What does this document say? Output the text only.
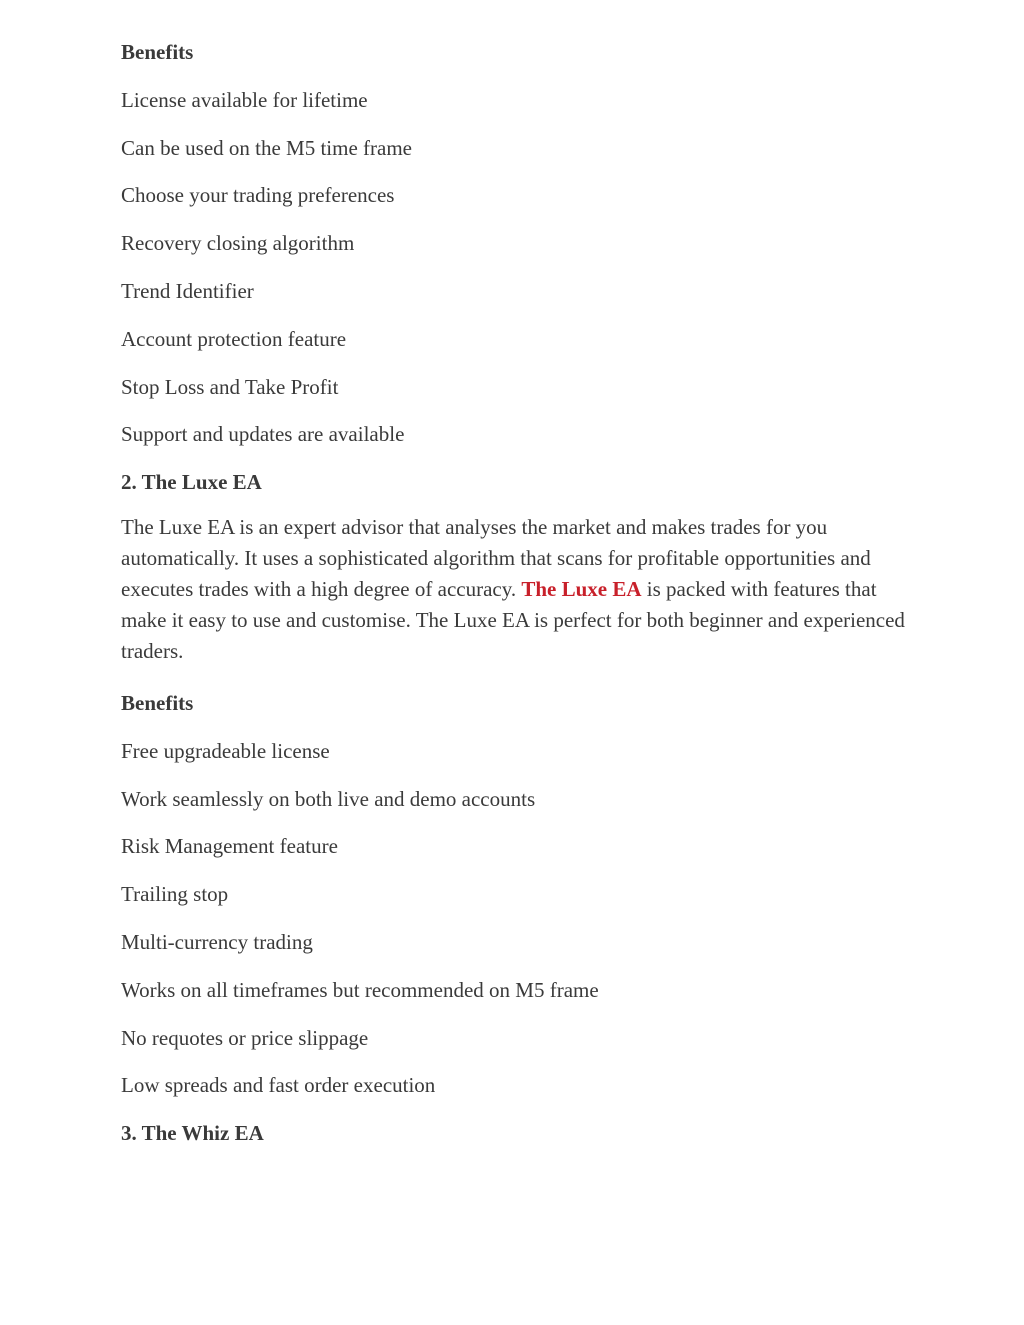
Benefits
License available for lifetime
Can be used on the M5 time frame
Choose your trading preferences
Recovery closing algorithm
Trend Identifier
Account protection feature
Stop Loss and Take Profit
Support and updates are available
2. The Luxe EA

The Luxe EA is an expert advisor that analyses the market and makes trades for you automatically. It uses a sophisticated algorithm that scans for profitable opportunities and executes trades with a high degree of accuracy. The Luxe EA is packed with features that make it easy to use and customise. The Luxe EA is perfect for both beginner and experienced traders.

Benefits
Free upgradeable license
Work seamlessly on both live and demo accounts
Risk Management feature
Trailing stop
Multi-currency trading
Works on all timeframes but recommended on M5 frame
No requotes or price slippage
Low spreads and fast order execution
3. The Whiz EA
